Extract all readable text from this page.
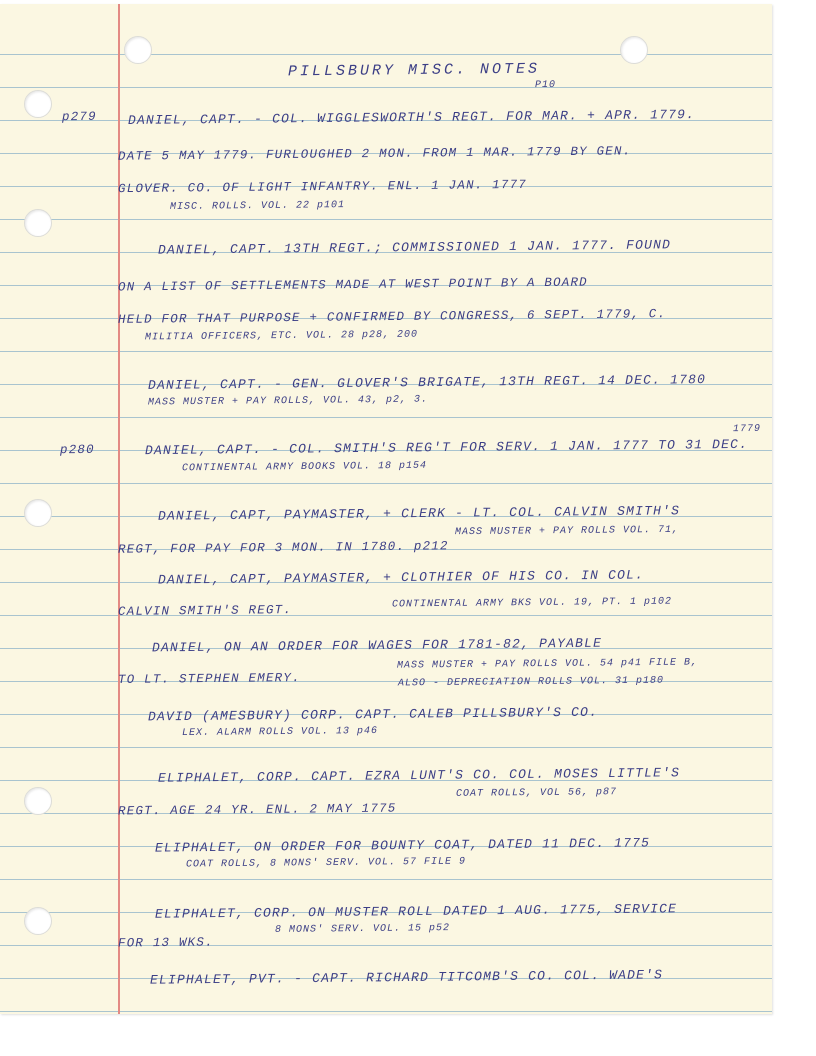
PILLSBURY MISC. NOTES
P10
p279
p280
DANIEL, CAPT. - COL. WIGGLESWORTH'S REGT. FOR MAR. + APR. 1779.
DATE 5 MAY 1779. FURLOUGHED 2 MON. FROM 1 MAR. 1779 BY GEN.
GLOVER. CO. OF LIGHT INFANTRY. ENL. 1 JAN. 1777
MISC. ROLLS. VOL. 22 p101
DANIEL, CAPT. 13TH REGT.; COMMISSIONED 1 JAN. 1777. FOUND
ON A LIST OF SETTLEMENTS MADE AT WEST POINT BY A BOARD
HELD FOR THAT PURPOSE + CONFIRMED BY CONGRESS, 6 SEPT. 1779, C.
MILITIA OFFICERS, ETC. VOL. 28 p28, 200
DANIEL, CAPT. - GEN. GLOVER'S BRIGATE, 13TH REGT. 14 DEC. 1780
MASS MUSTER + PAY ROLLS, VOL. 43, p2, 3.
1779
DANIEL, CAPT. - COL. SMITH'S REG'T FOR SERV. 1 JAN. 1777 TO 31 DEC.
CONTINENTAL ARMY BOOKS VOL. 18 p154
DANIEL, CAPT, PAYMASTER, + CLERK - LT. COL. CALVIN SMITH'S
MASS MUSTER + PAY ROLLS VOL. 71,
REGT, FOR PAY FOR 3 MON. IN 1780. p212
DANIEL, CAPT, PAYMASTER, + CLOTHIER OF HIS CO. IN COL.
CALVIN SMITH'S REGT.	CONTINENTAL ARMY BKS VOL. 19, PT. 1 p102
DANIEL, ON AN ORDER FOR WAGES FOR 1781-82, PAYABLE
MASS MUSTER + PAY ROLLS VOL. 54 p41 FILE B,
TO LT. STEPHEN EMERY.	ALSO - DEPRECIATION ROLLS VOL. 31 p180
DAVID (AMESBURY) CORP. CAPT. CALEB PILLSBURY'S CO.
LEX. ALARM ROLLS VOL. 13 p46
ELIPHALET, CORP. CAPT. EZRA LUNT'S CO. COL. MOSES LITTLE'S
COAT ROLLS, VOL 56, p87
REGT. AGE 24 YR. ENL. 2 MAY 1775
ELIPHALET, ON ORDER FOR BOUNTY COAT, DATED 11 DEC. 1775
COAT ROLLS, 8 MONS' SERV. VOL. 57 FILE 9
ELIPHALET, CORP. ON MUSTER ROLL DATED 1 AUG. 1775, SERVICE
8 MONS' SERV. VOL. 15 p52
FOR 13 WKS.
ELIPHALET, PVT. - CAPT. RICHARD TITCOMB'S CO. COL. WADE'S
